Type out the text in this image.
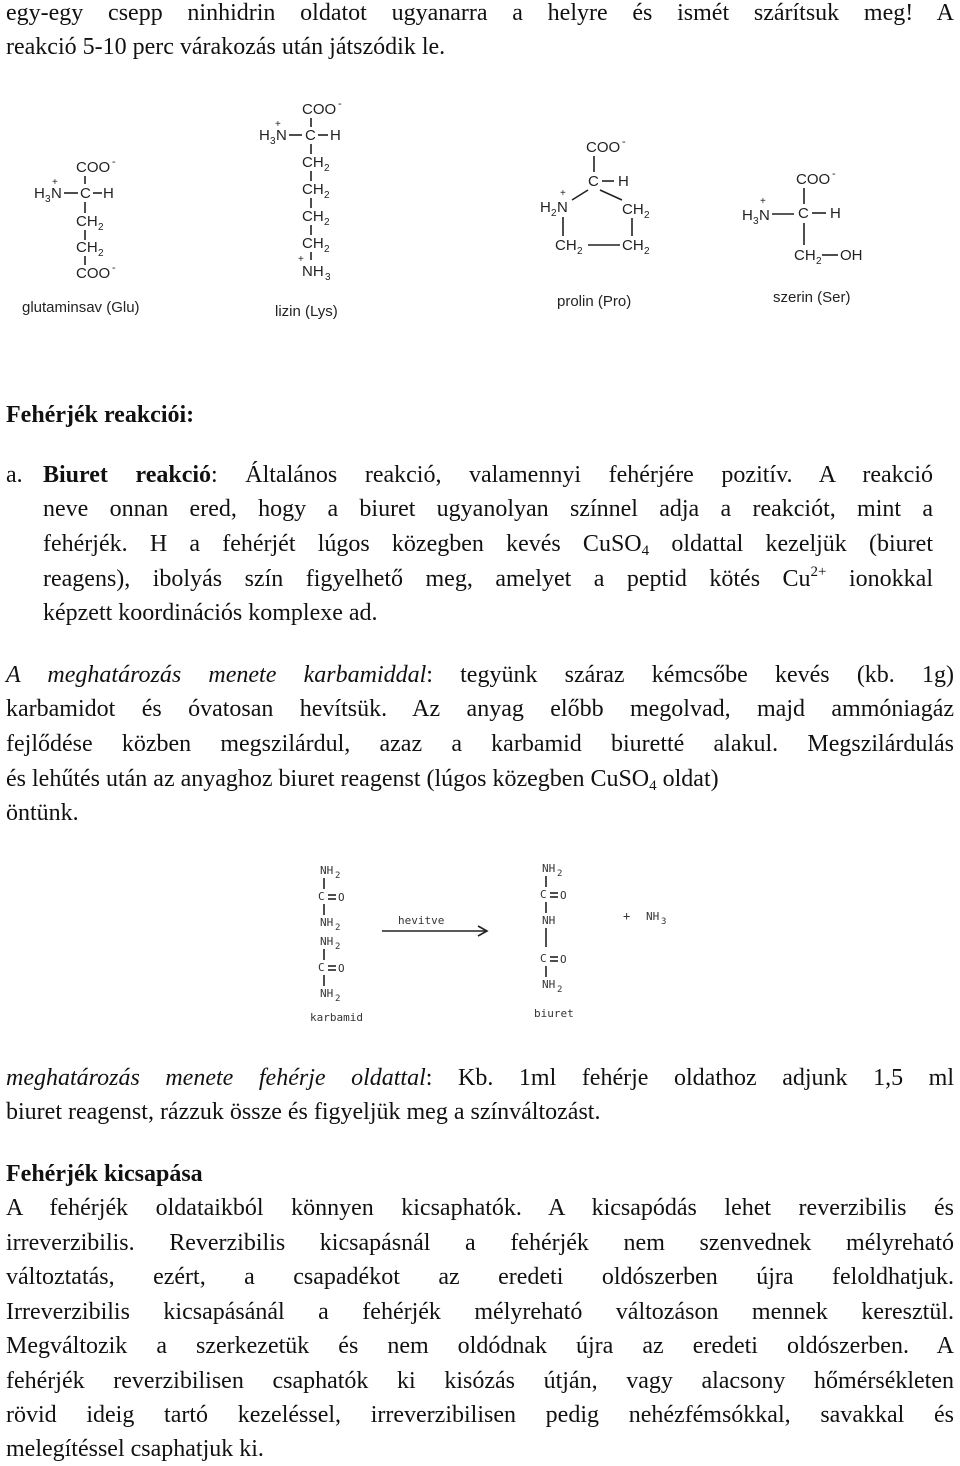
egy-egy csepp ninhidrin oldatot ugyanarra a helyre és ismét szárítsuk meg! A
reakció 5-10 perc várakozás után játszódik le.
COO -
+
H 3 N C H
CH 2
CH 2
COO -
glutaminsav (Glu)
COO -
+
H 3 N C H
CH 2
CH 2
CH 2
CH 2
+
NH 3
lizin (Lys)
COO -
C H
CH 2
+
H 2 N
CH 2	CH 2
prolin (Pro)
COO -
C H
+
H 3 N
CH 2 OH
szerin (Ser)
Fehérjék reakciói:
a. Biuret reakció: Általános reakció, valamennyi fehérjére pozitív. A reakció
neve onnan ered, hogy a biuret ugyanolyan színnel adja a reakciót, mint a
fehérjék. H a fehérjét lúgos közegben kevés CuSO$_4$ oldattal kezeljük (biuret
reagens), ibolyás szín figyelhető meg, amelyet a peptid kötés $Cu^{2+}$ ionokkal
képzett koordinációs komplexe ad.
A meghatározás menete karbamiddal: tegyünk száraz kémcsőbe kevés (kb. 1g)
karbamidot és óvatosan hevítsük. Az anyag előbb megolvad, majd ammóniagáz
fejlődése közben megszilárdul, azaz a karbamid biuretté alakul. Megszilárdulás
és lehűtés után az anyaghoz biuret reagenst (lúgos közegben CuSO$_4$ oldat)
öntünk.
NH 2
C O
NH 2
NH 2
C O
NH 2
hevitve
NH 2
C O
NH
C O
NH 2
+ NH 3
karbamid	biuret
meghatározás menete fehérje oldattal: Kb. 1ml fehérje oldathoz adjunk 1,5 ml
biuret reagenst, rázzuk össze és figyeljük meg a színváltozást.
Fehérjék kicsapása
A fehérjék oldataikból könnyen kicsaphatók. A kicsapódás lehet reverzibilis és
irreverzibilis. Reverzibilis kicsapásnál a fehérjék nem szenvednek mélyreható
változtatás, ezért, a csapadékot az eredeti oldószerben újra feloldhatjuk.
Irreverzibilis kicsapásánál a fehérjék mélyreható változáson mennek keresztül.
Megváltozik a szerkezetük és nem oldódnak újra az eredeti oldószerben. A
fehérjék reverzibilisen csaphatók ki kisózás útján, vagy alacsony hőmérsékleten
rövid ideig tartó kezeléssel, irreverzibilisen pedig nehézfémsókkal, savakkal és
melegítéssel csaphatjuk ki.
